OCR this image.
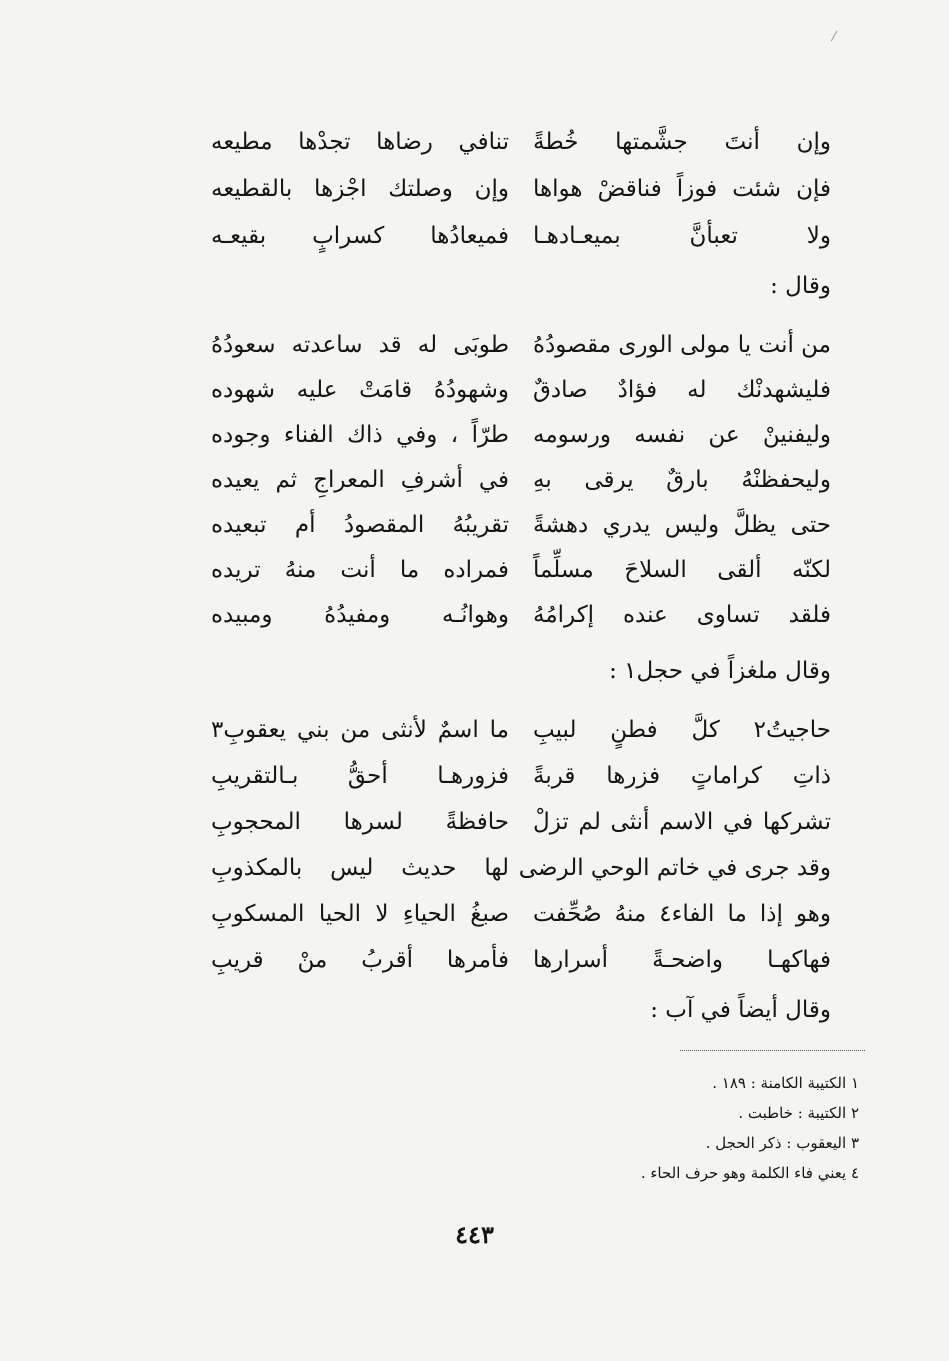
وإن أنتَ جشَّمتها خُطةً
تنافي رضاها تجدْها مطيعه
فإن شئت فوزاً فناقضْ هواها
وإن وصلتك اجْزها بالقطيعه
ولا تعبأنَّ بميعـادهـا
فميعادُها كسرابٍ بقيعـه
وقال :
من أنت يا مولى الورى مقصودُهُ
طوبَى له قد ساعدته سعودُهُ
فليشهدنْك له فؤادٌ صادقٌ
وشهودُهُ قامَتْ عليه شهوده
وليفنينْ عن نفسه ورسومه
طرّاً ، وفي ذاك الفناء وجوده
وليحفظنْهُ بارقٌ يرقى بهِ
في أشرفِ المعراجِ ثم يعيده
حتى يظلَّ وليس يدري دهشةً
تقريبُهُ المقصودُ أم تبعيده
لكنّه ألقى السلاحَ مسلِّماً
فمراده ما أنت منهُ تريده
فلقد تساوى عنده إكرامُهُ
وهوانُـه ومفيدُهُ ومبيده
وقال ملغزاً في حجل١ :
حاجيتُ٢ كلَّ فطنٍ لبيبِ
ما اسمٌ لأنثى من بني يعقوبِ٣
ذاتِ كراماتٍ فزرها قربةً
فزورهـا أحقُّ بـالتقريبِ
تشركها في الاسم أنثى لم تزلْ
حافظةً لسرها المحجوبِ
وقد جرى في خاتم الوحي الرضى
لها حديث ليس بالمكذوبِ
وهو إذا ما الفاء٤ منهُ صُحِّفت
صبغُ الحياءِ لا الحيا المسكوبِ
فهاكهـا واضحـةً أسرارها
فأمرها أقربُ منْ قريبِ
وقال أيضاً في آب :
١ الكتيبة الكامنة : ١٨٩ .
٢ الكتيبة : خاطبت .
٣ اليعقوب : ذكر الحجل .
٤ يعني فاء الكلمة وهو حرف الحاء .
٤٤٣
